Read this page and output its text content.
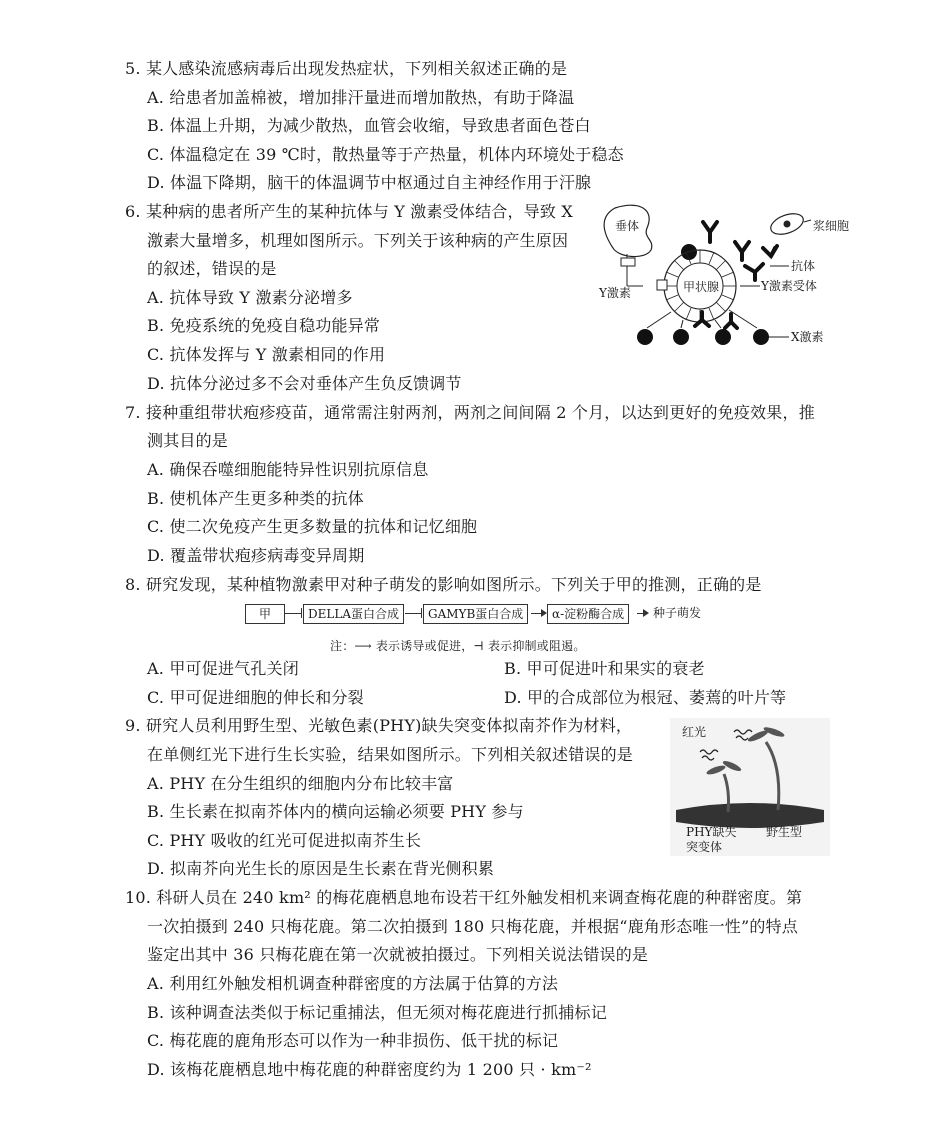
5. 某人感染流感病毒后出现发热症状，下列相关叙述正确的是
A. 给患者加盖棉被，增加排汗量进而增加散热，有助于降温
B. 体温上升期，为减少散热，血管会收缩，导致患者面色苍白
C. 体温稳定在 39 ℃时，散热量等于产热量，机体内环境处于稳态
D. 体温下降期，脑干的体温调节中枢通过自主神经作用于汗腺
6. 某种病的患者所产生的某种抗体与 Y 激素受体结合，导致 X
激素大量增多，机理如图所示。下列关于该种病的产生原因
的叙述，错误的是
A. 抗体导致 Y 激素分泌增多
B. 免疫系统的免疫自稳功能异常
C. 抗体发挥与 Y 激素相同的作用
D. 抗体分泌过多不会对垂体产生负反馈调节
垂体
Y激素	甲状腺
浆细胞
抗体
Y激素受体
X激素
7. 接种重组带状疱疹疫苗，通常需注射两剂，两剂之间间隔 2 个月，以达到更好的免疫效果，推
测其目的是
A. 确保吞噬细胞能特异性识别抗原信息
B. 使机体产生更多种类的抗体
C. 使二次免疫产生更多数量的抗体和记忆细胞
D. 覆盖带状疱疹病毒变异周期
8. 研究发现，某种植物激素甲对种子萌发的影响如图所示。下列关于甲的推测，正确的是
甲	DELLA蛋白合成	GAMYB蛋白合成	α-淀粉酶合成	种子萌发
注：⟶ 表示诱导或促进，⊣ 表示抑制或阻遏。
A. 甲可促进气孔关闭	B. 甲可促进叶和果实的衰老
C. 甲可促进细胞的伸长和分裂	D. 甲的合成部位为根冠、萎蔫的叶片等
9. 研究人员利用野生型、光敏色素(PHY)缺失突变体拟南芥作为材料，
在单侧红光下进行生长实验，结果如图所示。下列相关叙述错误的是
A. PHY 在分生组织的细胞内分布比较丰富
B. 生长素在拟南芥体内的横向运输必须要 PHY 参与
C. PHY 吸收的红光可促进拟南芥生长
D. 拟南芥向光生长的原因是生长素在背光侧积累
红光
PHY缺失
突变体
野生型
10. 科研人员在 240 km² 的梅花鹿栖息地布设若干红外触发相机来调查梅花鹿的种群密度。第
一次拍摄到 240 只梅花鹿。第二次拍摄到 180 只梅花鹿，并根据“鹿角形态唯一性”的特点
鉴定出其中 36 只梅花鹿在第一次就被拍摄过。下列相关说法错误的是
A. 利用红外触发相机调查种群密度的方法属于估算的方法
B. 该种调查法类似于标记重捕法，但无须对梅花鹿进行抓捕标记
C. 梅花鹿的鹿角形态可以作为一种非损伤、低干扰的标记
D. 该梅花鹿栖息地中梅花鹿的种群密度约为 1 200 只 · km⁻²
